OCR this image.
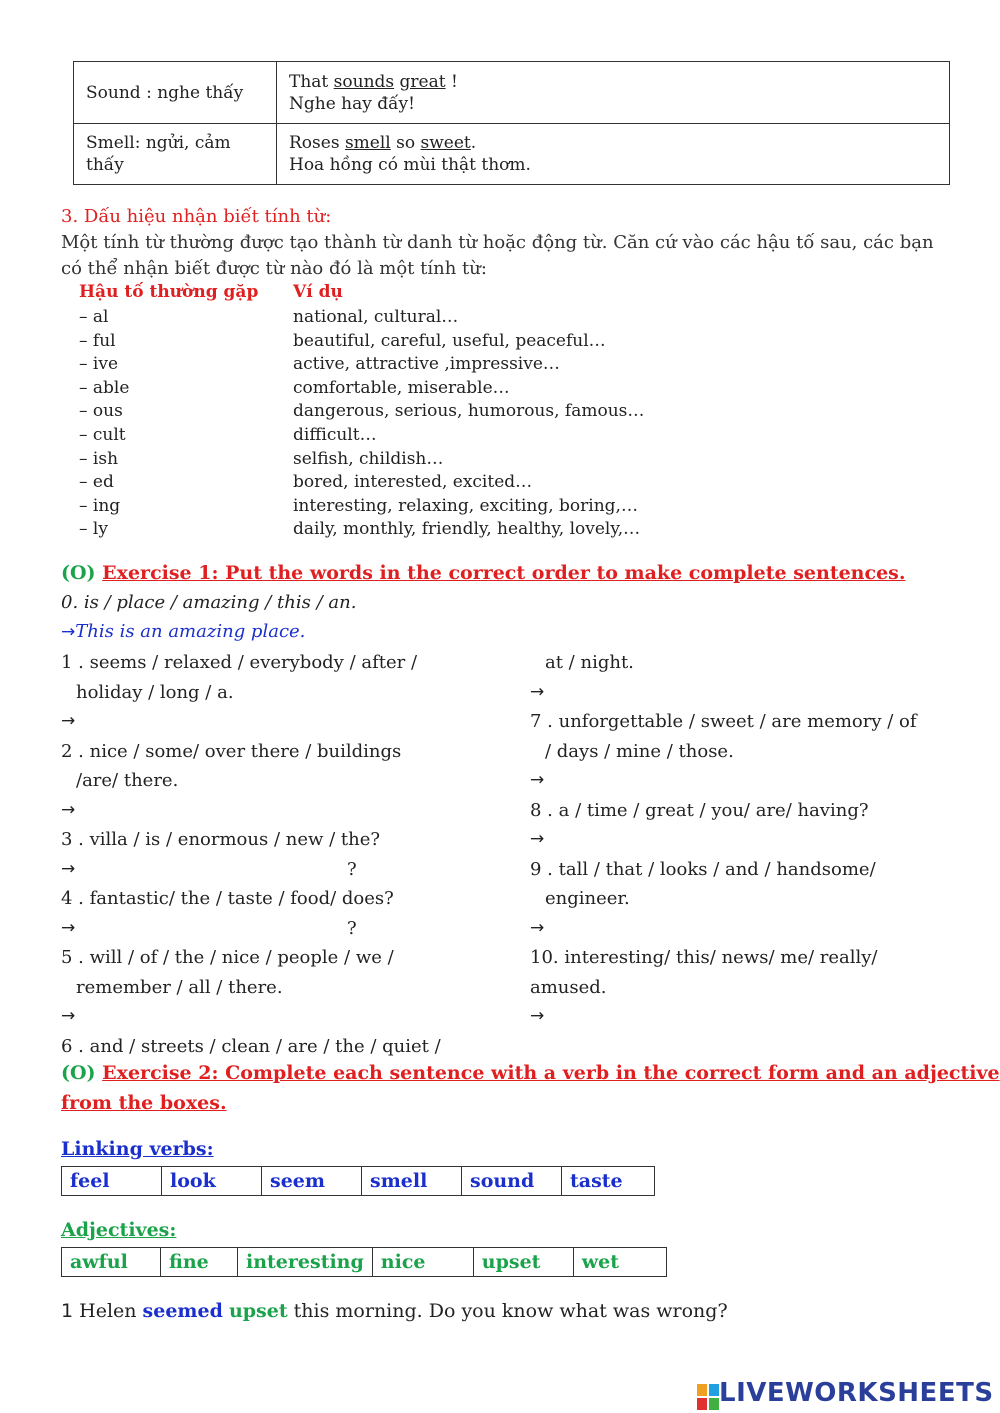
Sound : nghe thấy	That sounds great !
Nghe hay đấy!
Smell: ngửi, cảm thấy	Roses smell so sweet.
Hoa hồng có mùi thật thơm.
3. Dấu hiệu nhận biết tính từ:
Một tính từ thường được tạo thành từ danh từ hoặc động từ. Căn cứ vào các hậu tố sau, các bạn
có thể nhận biết được từ nào đó là một tính từ:
Hậu tố thường gặp Ví dụ
– al	national, cultural…
– ful	beautiful, careful, useful, peaceful…
– ive	active, attractive ,impressive…
– able	comfortable, miserable…
– ous	dangerous, serious, humorous, famous…
– cult	difficult…
– ish	selfish, childish…
– ed	bored, interested, excited…
– ing	interesting, relaxing, exciting, boring,…
– ly	daily, monthly, friendly, healthy, lovely,…
(O) Exercise 1: Put the words in the correct order to make complete sentences.
0. is / place / amazing / this / an.
→This is an amazing place.
1 . seems / relaxed / everybody / after /
holiday / long / a.
→
2 . nice / some/ over there / buildings
/are/ there.
→
3 . villa / is / enormous / new / the?
→	?
4 . fantastic/ the / taste / food/ does?
→	?
5 . will / of / the / nice / people / we /
remember / all / there.
→
6 . and / streets / clean / are / the / quiet /
at / night.
→
7 . unforgettable / sweet / are memory / of
/ days / mine / those.
→
8 . a / time / great / you/ are/ having?
→
9 . tall / that / looks / and / handsome/
engineer.
→
10. interesting/ this/ news/ me/ really/
amused.
→
(O) Exercise 2: Complete each sentence with a verb in the correct form and an adjective
from the boxes.
Linking verbs:
feel	look	seem	smell	sound	taste
Adjectives:
awful	fine	interesting	nice	upset	wet
1 Helen seemed upset this morning. Do you know what was wrong?
LIVEWORKSHEETS
